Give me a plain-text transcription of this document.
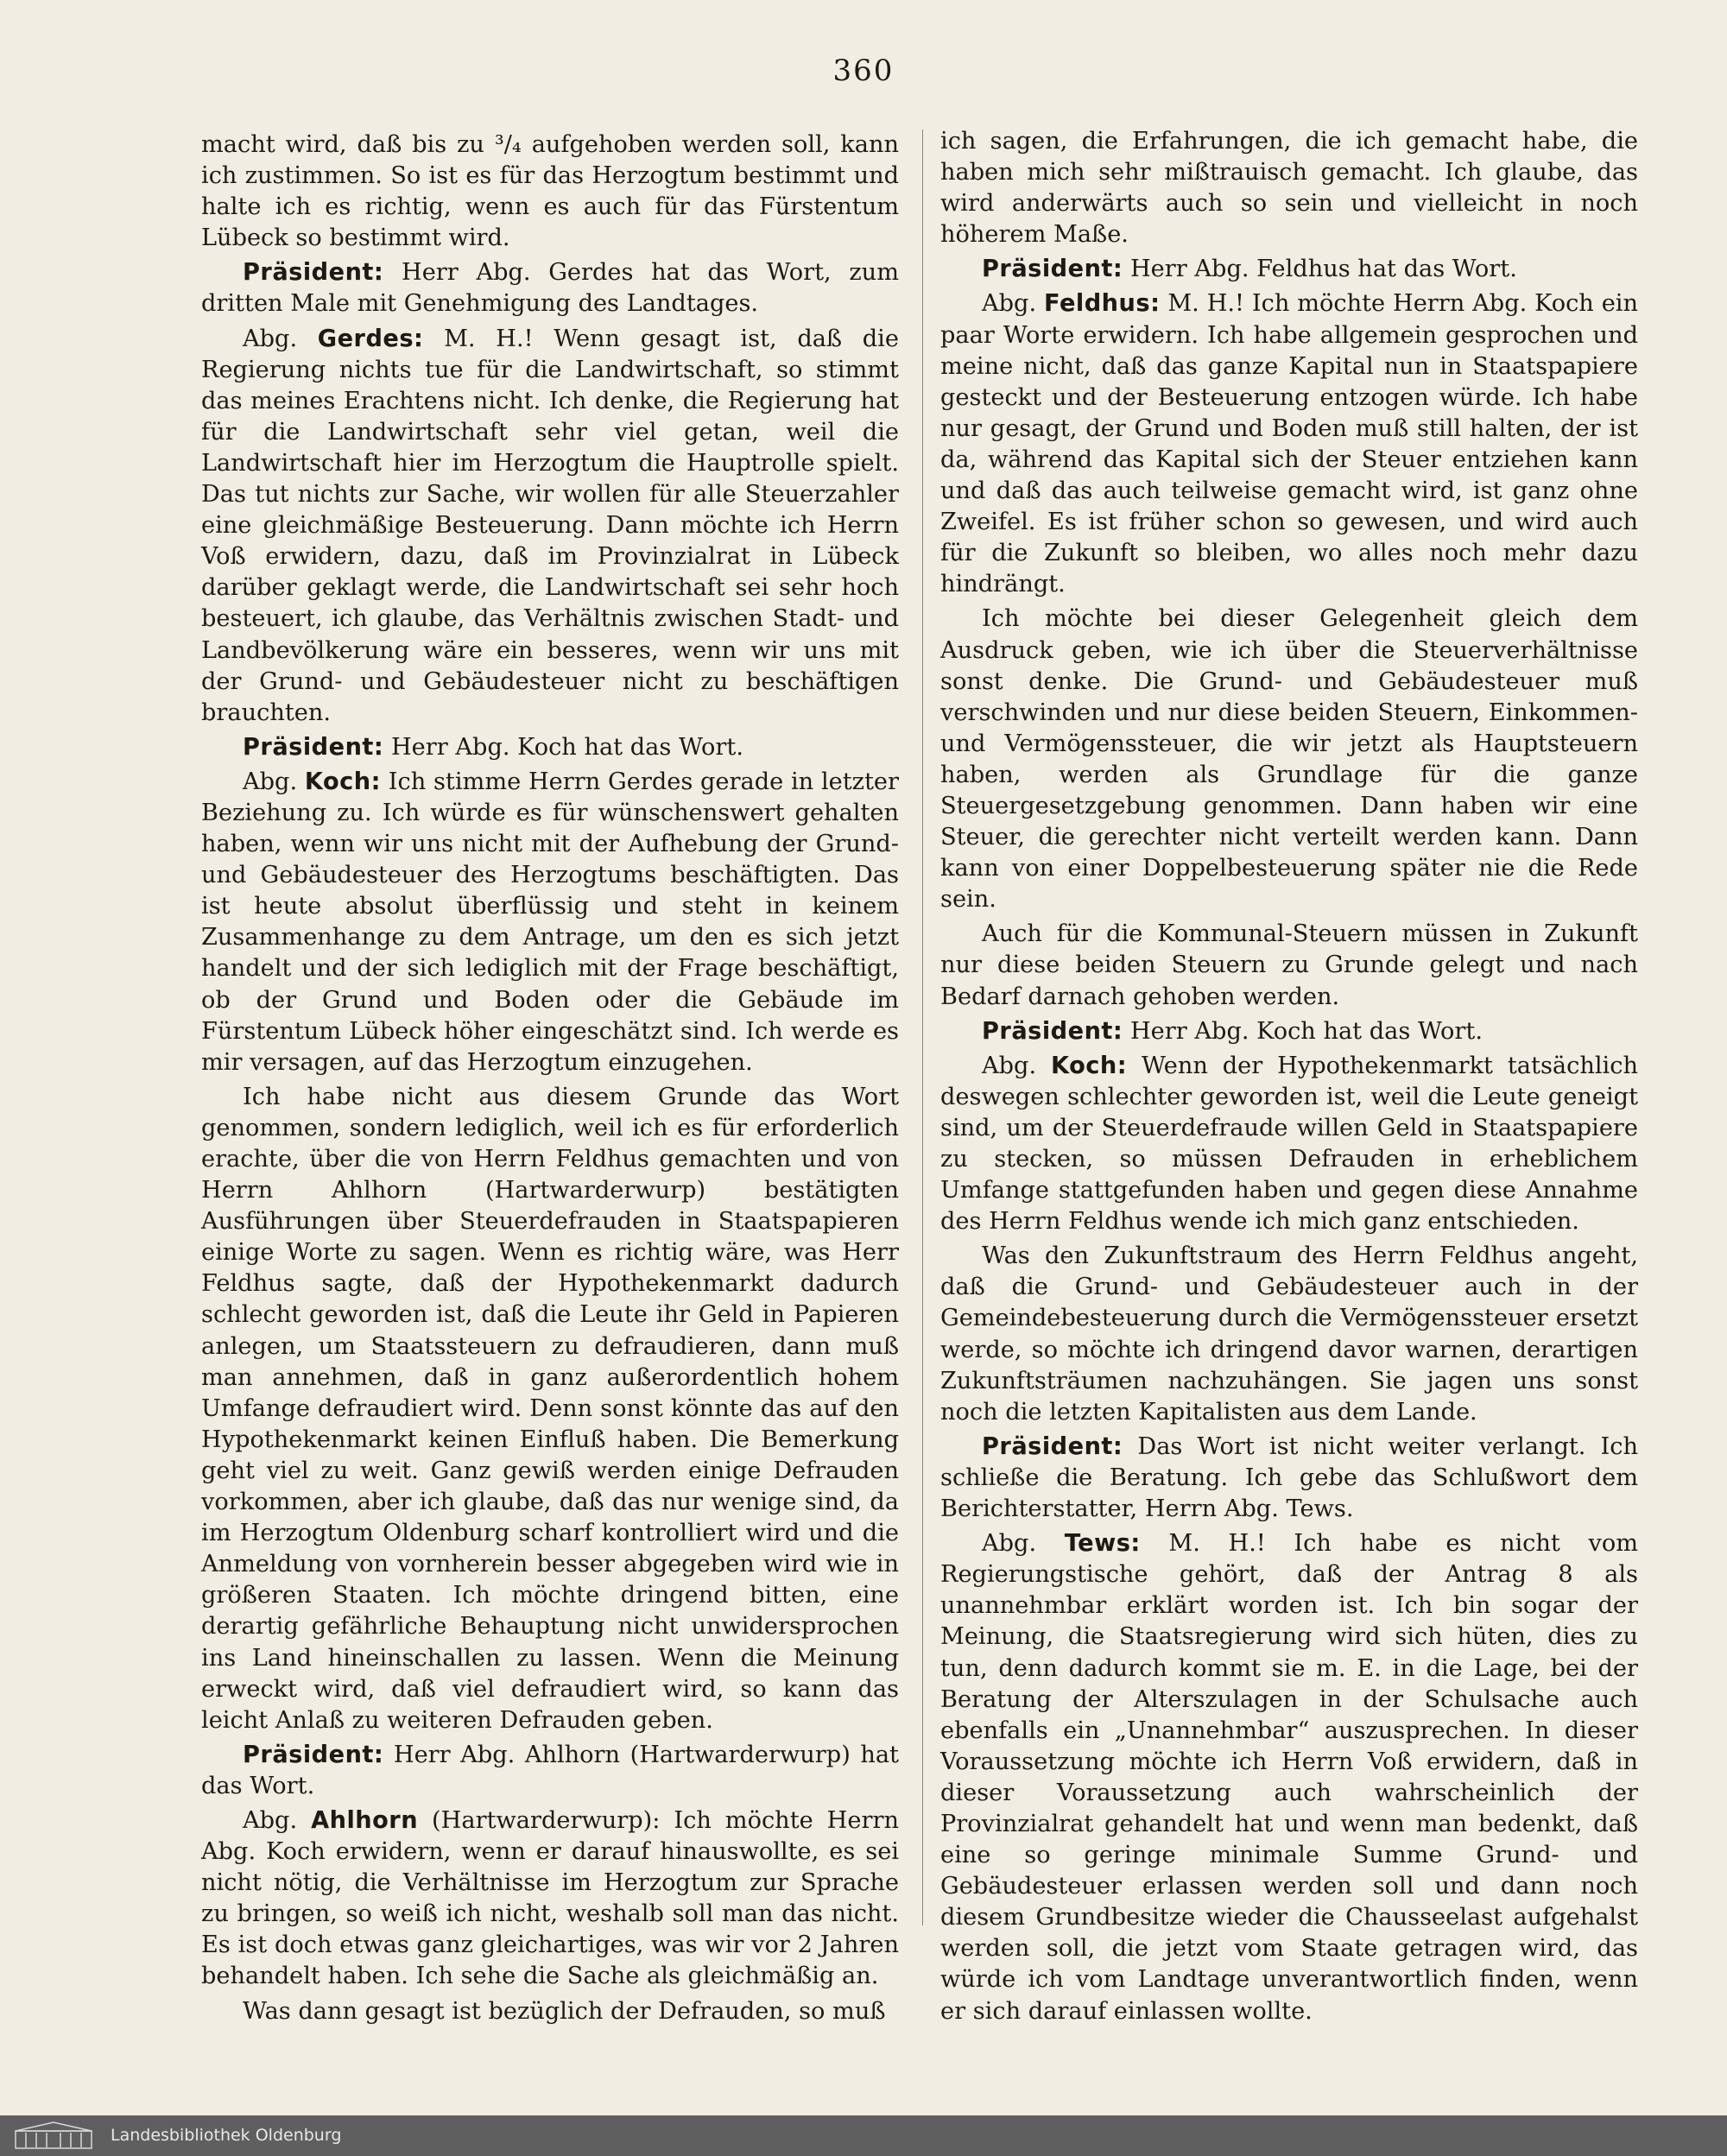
360

macht wird, daß bis zu ³/₄ aufgehoben werden soll, kann ich zustimmen. So ist es für das Herzogtum bestimmt und halte ich es richtig, wenn es auch für das Fürstentum Lübeck so bestimmt wird.

Präsident: Herr Abg. Gerdes hat das Wort, zum dritten Male mit Genehmigung des Landtages.

Abg. Gerdes: M. H.! Wenn gesagt ist, daß die Regierung nichts tue für die Landwirtschaft, so stimmt das meines Erachtens nicht. Ich denke, die Regierung hat für die Landwirtschaft sehr viel getan, weil die Landwirtschaft hier im Herzogtum die Hauptrolle spielt. Das tut nichts zur Sache, wir wollen für alle Steuerzahler eine gleichmäßige Besteuerung. Dann möchte ich Herrn Voß erwidern, dazu, daß im Provinzialrat in Lübeck darüber geklagt werde, die Landwirtschaft sei sehr hoch besteuert, ich glaube, das Verhältnis zwischen Stadt- und Landbevölkerung wäre ein besseres, wenn wir uns mit der Grund- und Gebäudesteuer nicht zu beschäftigen brauchten.

Präsident: Herr Abg. Koch hat das Wort.

Abg. Koch: Ich stimme Herrn Gerdes gerade in letzter Beziehung zu. Ich würde es für wünschenswert gehalten haben, wenn wir uns nicht mit der Aufhebung der Grund- und Gebäudesteuer des Herzogtums beschäftigten. Das ist heute absolut überflüssig und steht in keinem Zusammenhange zu dem Antrage, um den es sich jetzt handelt und der sich lediglich mit der Frage beschäftigt, ob der Grund und Boden oder die Gebäude im Fürstentum Lübeck höher eingeschätzt sind. Ich werde es mir versagen, auf das Herzogtum einzugehen.

Ich habe nicht aus diesem Grunde das Wort genommen, sondern lediglich, weil ich es für erforderlich erachte, über die von Herrn Feldhus gemachten und von Herrn Ahlhorn (Hartwarderwurp) bestätigten Ausführungen über Steuerdefrauden in Staatspapieren einige Worte zu sagen. Wenn es richtig wäre, was Herr Feldhus sagte, daß der Hypothekenmarkt dadurch schlecht geworden ist, daß die Leute ihr Geld in Papieren anlegen, um Staatssteuern zu defraudieren, dann muß man annehmen, daß in ganz außerordentlich hohem Umfange defraudiert wird. Denn sonst könnte das auf den Hypothekenmarkt keinen Einfluß haben. Die Bemerkung geht viel zu weit. Ganz gewiß werden einige Defrauden vorkommen, aber ich glaube, daß das nur wenige sind, da im Herzogtum Oldenburg scharf kontrolliert wird und die Anmeldung von vornherein besser abgegeben wird wie in größeren Staaten. Ich möchte dringend bitten, eine derartig gefährliche Behauptung nicht unwidersprochen ins Land hineinschallen zu lassen. Wenn die Meinung erweckt wird, daß viel defraudiert wird, so kann das leicht Anlaß zu weiteren Defrauden geben.

Präsident: Herr Abg. Ahlhorn (Hartwarderwurp) hat das Wort.

Abg. Ahlhorn (Hartwarderwurp): Ich möchte Herrn Abg. Koch erwidern, wenn er darauf hinauswollte, es sei nicht nötig, die Verhältnisse im Herzogtum zur Sprache zu bringen, so weiß ich nicht, weshalb soll man das nicht. Es ist doch etwas ganz gleichartiges, was wir vor 2 Jahren behandelt haben. Ich sehe die Sache als gleichmäßig an.

Was dann gesagt ist bezüglich der Defrauden, so muß

ich sagen, die Erfahrungen, die ich gemacht habe, die haben mich sehr mißtrauisch gemacht. Ich glaube, das wird anderwärts auch so sein und vielleicht in noch höherem Maße.

Präsident: Herr Abg. Feldhus hat das Wort.

Abg. Feldhus: M. H.! Ich möchte Herrn Abg. Koch ein paar Worte erwidern. Ich habe allgemein gesprochen und meine nicht, daß das ganze Kapital nun in Staatspapiere gesteckt und der Besteuerung entzogen würde. Ich habe nur gesagt, der Grund und Boden muß still halten, der ist da, während das Kapital sich der Steuer entziehen kann und daß das auch teilweise gemacht wird, ist ganz ohne Zweifel. Es ist früher schon so gewesen, und wird auch für die Zukunft so bleiben, wo alles noch mehr dazu hindrängt.

Ich möchte bei dieser Gelegenheit gleich dem Ausdruck geben, wie ich über die Steuerverhältnisse sonst denke. Die Grund- und Gebäudesteuer muß verschwinden und nur diese beiden Steuern, Einkommen- und Vermögenssteuer, die wir jetzt als Hauptsteuern haben, werden als Grundlage für die ganze Steuergesetzgebung genommen. Dann haben wir eine Steuer, die gerechter nicht verteilt werden kann. Dann kann von einer Doppelbesteuerung später nie die Rede sein.

Auch für die Kommunal-Steuern müssen in Zukunft nur diese beiden Steuern zu Grunde gelegt und nach Bedarf darnach gehoben werden.

Präsident: Herr Abg. Koch hat das Wort.

Abg. Koch: Wenn der Hypothekenmarkt tatsächlich deswegen schlechter geworden ist, weil die Leute geneigt sind, um der Steuerdefraude willen Geld in Staatspapiere zu stecken, so müssen Defrauden in erheblichem Umfange stattgefunden haben und gegen diese Annahme des Herrn Feldhus wende ich mich ganz entschieden.

Was den Zukunftstraum des Herrn Feldhus angeht, daß die Grund- und Gebäudesteuer auch in der Gemeindebesteuerung durch die Vermögenssteuer ersetzt werde, so möchte ich dringend davor warnen, derartigen Zukunftsträumen nachzuhängen. Sie jagen uns sonst noch die letzten Kapitalisten aus dem Lande.

Präsident: Das Wort ist nicht weiter verlangt. Ich schließe die Beratung. Ich gebe das Schlußwort dem Berichterstatter, Herrn Abg. Tews.

Abg. Tews: M. H.! Ich habe es nicht vom Regierungstische gehört, daß der Antrag 8 als unannehmbar erklärt worden ist. Ich bin sogar der Meinung, die Staatsregierung wird sich hüten, dies zu tun, denn dadurch kommt sie m. E. in die Lage, bei der Beratung der Alterszulagen in der Schulsache auch ebenfalls ein „Unannehmbar“ auszusprechen. In dieser Voraussetzung möchte ich Herrn Voß erwidern, daß in dieser Voraussetzung auch wahrscheinlich der Provinzialrat gehandelt hat und wenn man bedenkt, daß eine so geringe minimale Summe Grund- und Gebäudesteuer erlassen werden soll und dann noch diesem Grundbesitze wieder die Chausseelast aufgehalst werden soll, die jetzt vom Staate getragen wird, das würde ich vom Landtage unverantwortlich finden, wenn er sich darauf einlassen wollte.

Landesbibliothek Oldenburg
